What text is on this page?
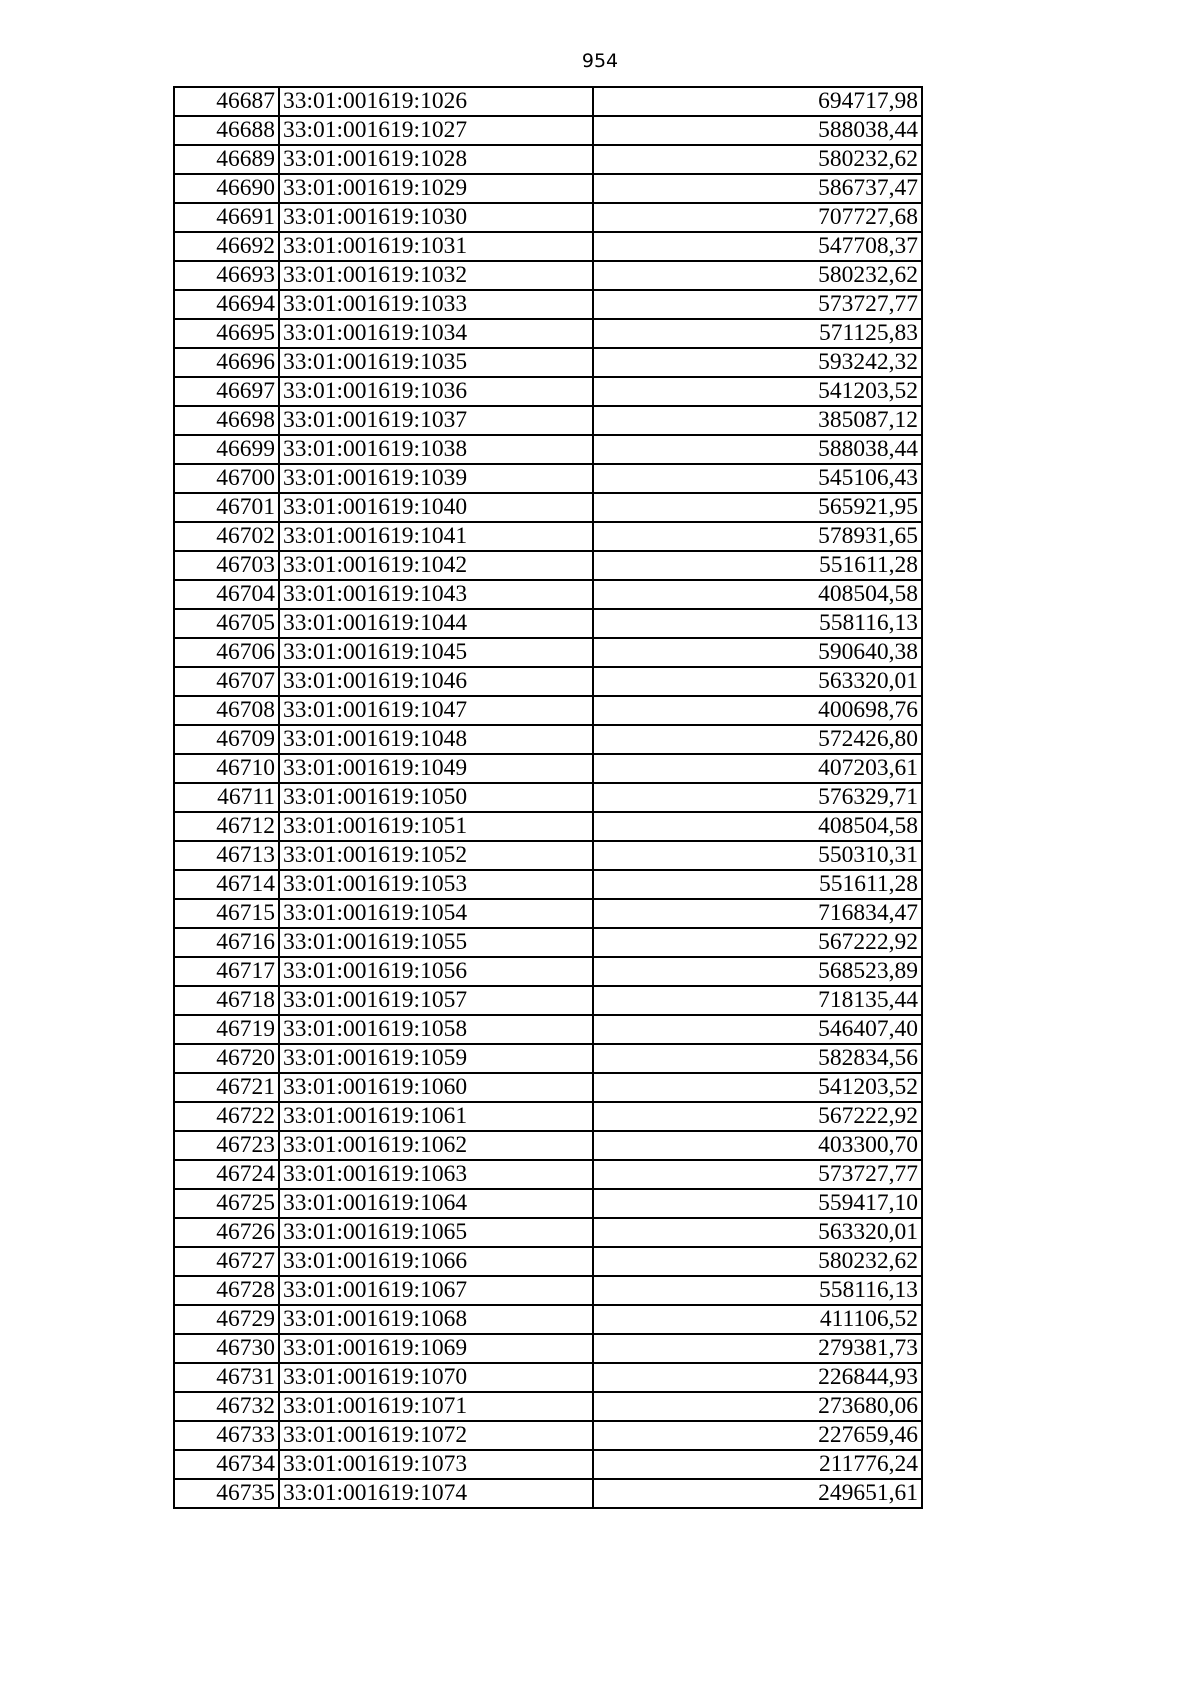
954
46687	33:01:001619:1026	694717,98
46688	33:01:001619:1027	588038,44
46689	33:01:001619:1028	580232,62
46690	33:01:001619:1029	586737,47
46691	33:01:001619:1030	707727,68
46692	33:01:001619:1031	547708,37
46693	33:01:001619:1032	580232,62
46694	33:01:001619:1033	573727,77
46695	33:01:001619:1034	571125,83
46696	33:01:001619:1035	593242,32
46697	33:01:001619:1036	541203,52
46698	33:01:001619:1037	385087,12
46699	33:01:001619:1038	588038,44
46700	33:01:001619:1039	545106,43
46701	33:01:001619:1040	565921,95
46702	33:01:001619:1041	578931,65
46703	33:01:001619:1042	551611,28
46704	33:01:001619:1043	408504,58
46705	33:01:001619:1044	558116,13
46706	33:01:001619:1045	590640,38
46707	33:01:001619:1046	563320,01
46708	33:01:001619:1047	400698,76
46709	33:01:001619:1048	572426,80
46710	33:01:001619:1049	407203,61
46711	33:01:001619:1050	576329,71
46712	33:01:001619:1051	408504,58
46713	33:01:001619:1052	550310,31
46714	33:01:001619:1053	551611,28
46715	33:01:001619:1054	716834,47
46716	33:01:001619:1055	567222,92
46717	33:01:001619:1056	568523,89
46718	33:01:001619:1057	718135,44
46719	33:01:001619:1058	546407,40
46720	33:01:001619:1059	582834,56
46721	33:01:001619:1060	541203,52
46722	33:01:001619:1061	567222,92
46723	33:01:001619:1062	403300,70
46724	33:01:001619:1063	573727,77
46725	33:01:001619:1064	559417,10
46726	33:01:001619:1065	563320,01
46727	33:01:001619:1066	580232,62
46728	33:01:001619:1067	558116,13
46729	33:01:001619:1068	411106,52
46730	33:01:001619:1069	279381,73
46731	33:01:001619:1070	226844,93
46732	33:01:001619:1071	273680,06
46733	33:01:001619:1072	227659,46
46734	33:01:001619:1073	211776,24
46735	33:01:001619:1074	249651,61
